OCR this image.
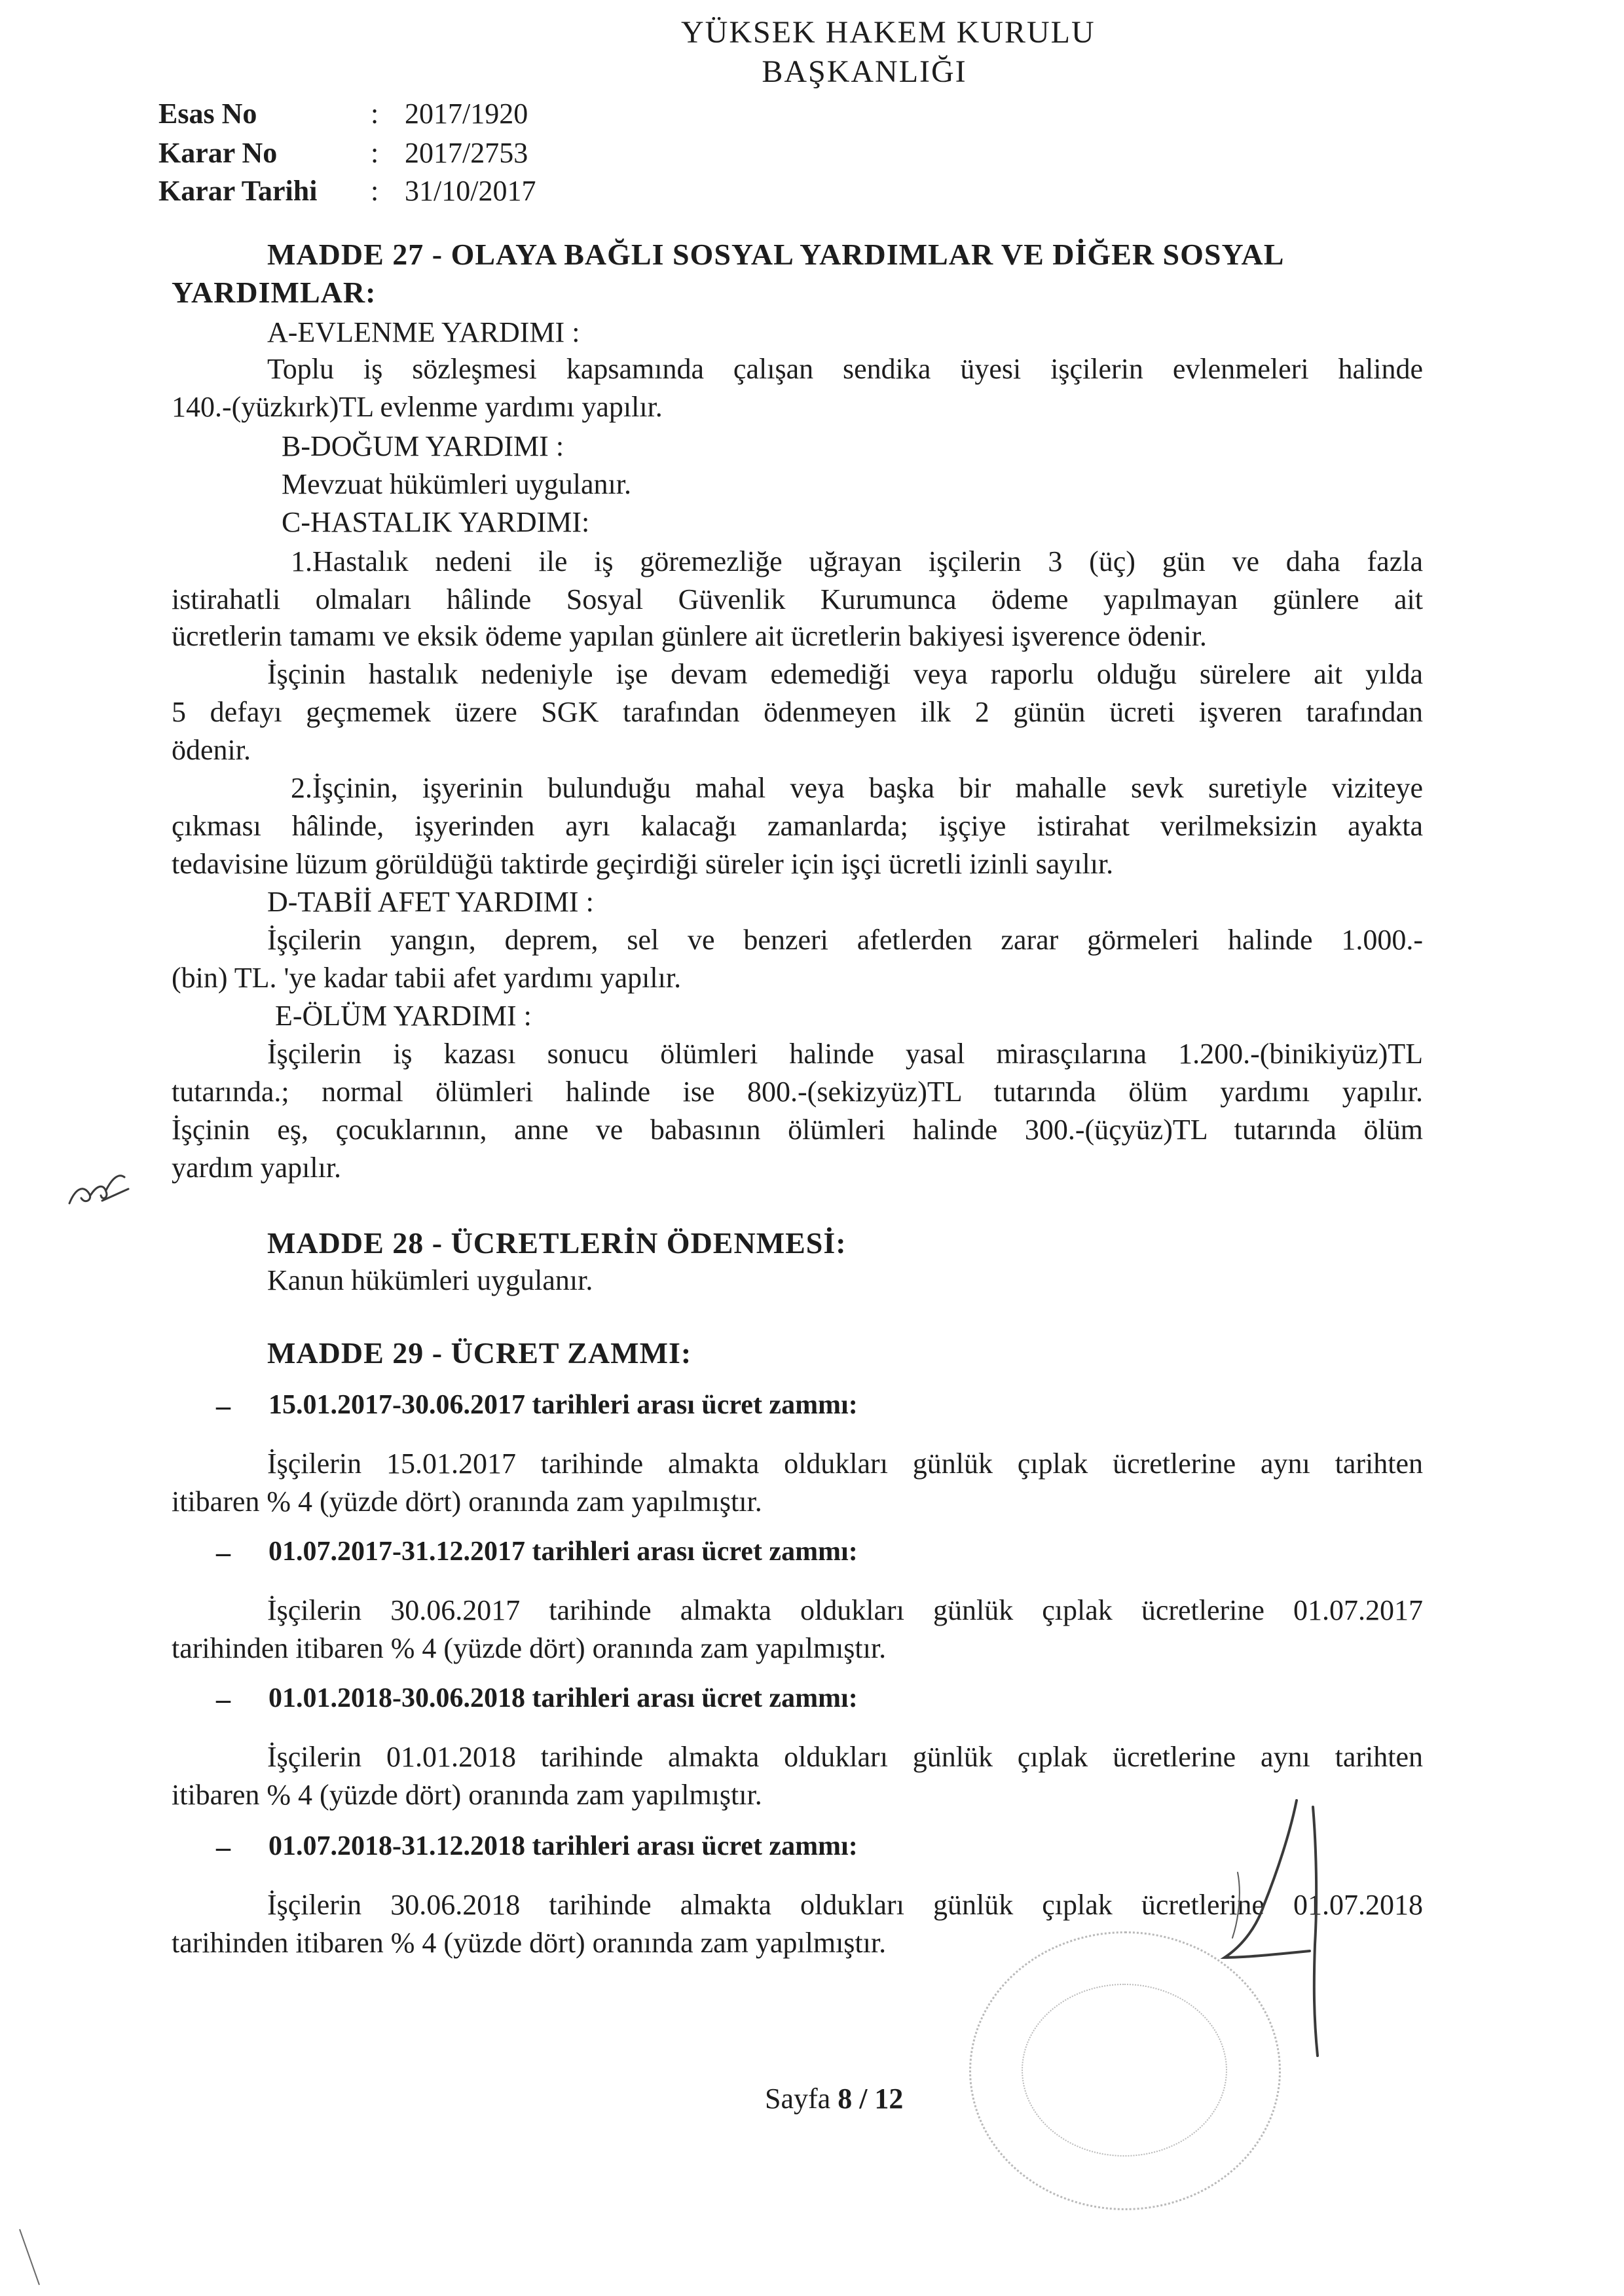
YÜKSEK HAKEM KURULU
BAŞKANLIĞI
Esas No	: 2017/1920
Karar No	: 2017/2753
Karar Tarihi : 31/10/2017
MADDE 27 - OLAYA BAĞLI SOSYAL YARDIMLAR VE DİĞER SOSYAL
YARDIMLAR:
A-EVLENME YARDIMI :
Toplu iş sözleşmesi kapsamında çalışan sendika üyesi işçilerin evlenmeleri halinde
140.-(yüzkırk)TL evlenme yardımı yapılır.
B-DOĞUM YARDIMI :
Mevzuat hükümleri uygulanır.
C-HASTALIK YARDIMI:
1.Hastalık nedeni ile iş göremezliğe uğrayan işçilerin 3 (üç) gün ve daha fazla
istirahatli olmaları hâlinde Sosyal Güvenlik Kurumunca ödeme yapılmayan günlere ait
ücretlerin tamamı ve eksik ödeme yapılan günlere ait ücretlerin bakiyesi işverence ödenir.
İşçinin hastalık nedeniyle işe devam edemediği veya raporlu olduğu sürelere ait yılda
5 defayı geçmemek üzere SGK tarafından ödenmeyen ilk 2 günün ücreti işveren tarafından
ödenir.
2.İşçinin, işyerinin bulunduğu mahal veya başka bir mahalle sevk suretiyle viziteye
çıkması hâlinde, işyerinden ayrı kalacağı zamanlarda; işçiye istirahat verilmeksizin ayakta
tedavisine lüzum görüldüğü taktirde geçirdiği süreler için işçi ücretli izinli sayılır.
D-TABİİ AFET YARDIMI :
İşçilerin yangın, deprem, sel ve benzeri afetlerden zarar görmeleri halinde 1.000.-
(bin) TL. 'ye kadar tabii afet yardımı yapılır.
E-ÖLÜM YARDIMI :
İşçilerin iş kazası sonucu ölümleri halinde yasal mirasçılarına 1.200.-(binikiyüz)TL
tutarında.; normal ölümleri halinde ise 800.-(sekizyüz)TL tutarında ölüm yardımı yapılır.
İşçinin eş, çocuklarının, anne ve babasının ölümleri halinde 300.-(üçyüz)TL tutarında ölüm
yardım yapılır.
MADDE 28 - ÜCRETLERİN ÖDENMESİ:
Kanun hükümleri uygulanır.
MADDE 29 - ÜCRET ZAMMI:
– 15.01.2017-30.06.2017 tarihleri arası ücret zammı:
İşçilerin 15.01.2017 tarihinde almakta oldukları günlük çıplak ücretlerine aynı tarihten
itibaren % 4 (yüzde dört) oranında zam yapılmıştır.
– 01.07.2017-31.12.2017 tarihleri arası ücret zammı:
İşçilerin 30.06.2017 tarihinde almakta oldukları günlük çıplak ücretlerine 01.07.2017
tarihinden itibaren % 4 (yüzde dört) oranında zam yapılmıştır.
– 01.01.2018-30.06.2018 tarihleri arası ücret zammı:
İşçilerin 01.01.2018 tarihinde almakta oldukları günlük çıplak ücretlerine aynı tarihten
itibaren % 4 (yüzde dört) oranında zam yapılmıştır.
– 01.07.2018-31.12.2018 tarihleri arası ücret zammı:
İşçilerin 30.06.2018 tarihinde almakta oldukları günlük çıplak ücretlerine 01.07.2018
tarihinden itibaren % 4 (yüzde dört) oranında zam yapılmıştır.
Sayfa 8 / 12
